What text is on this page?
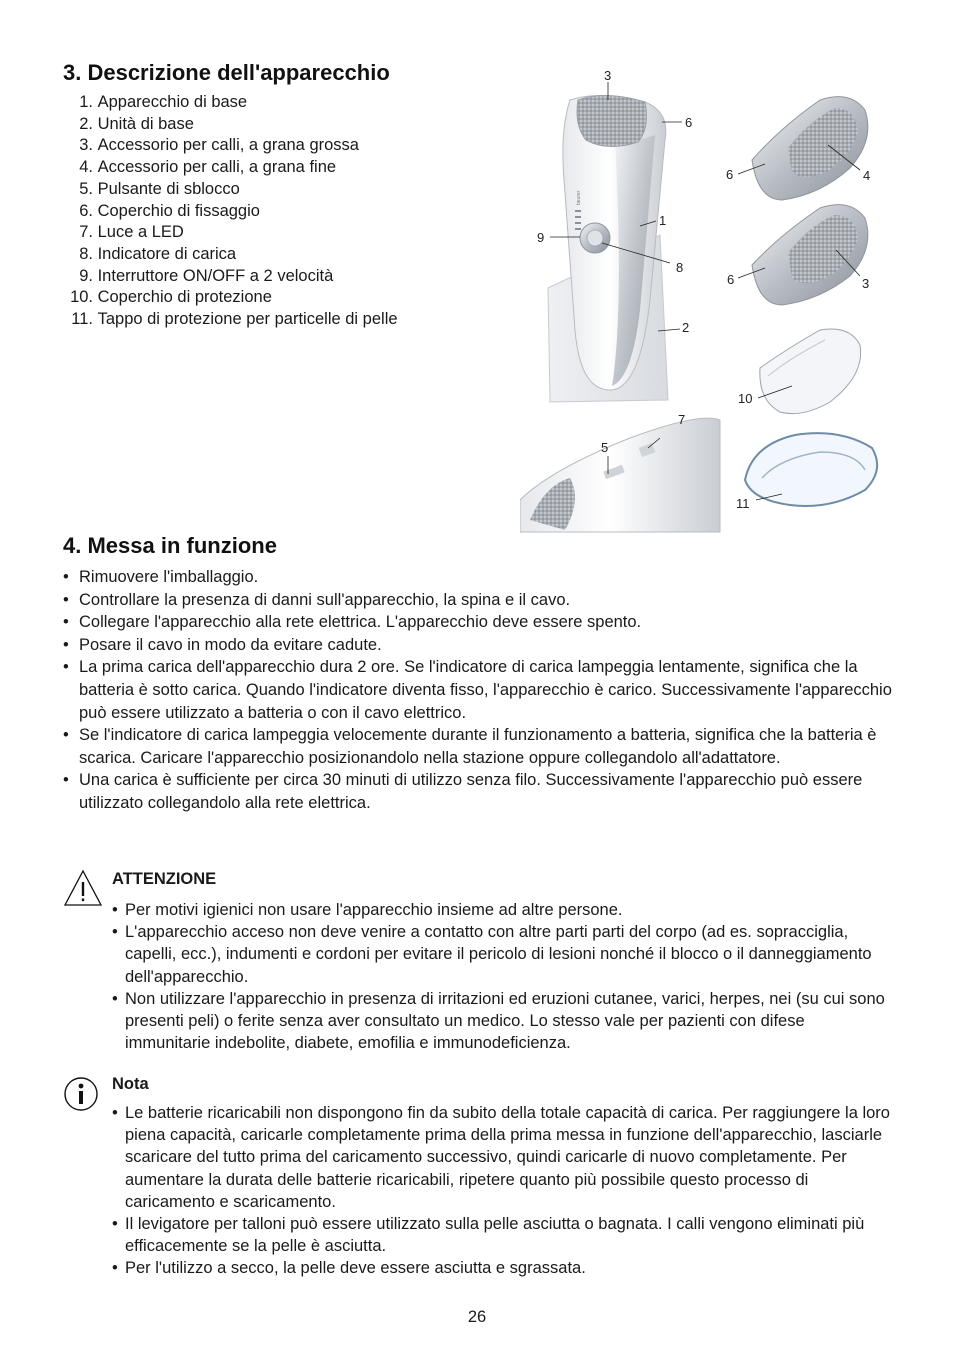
3. Descrizione dell'apparecchio
1.
Apparecchio di base
2.
Unità di base
3.
Accessorio per calli, a grana grossa
4.
Accessorio per calli, a grana fine
5.
Pulsante di sblocco
6.
Coperchio di fissaggio
7.
Luce a LED
8.
Indicatore di carica
9.
Interruttore ON/OFF a 2 velocità
10.
Coperchio di protezione
11.
Tappo di protezione per particelle di pelle
beurer
3
6
1
9
8
2
6	4
6	3
10
7
5
11
4. Messa in funzione
• Rimuovere l'imballaggio.
• Controllare la presenza di danni sull'apparecchio, la spina e il cavo.
• Collegare l'apparecchio alla rete elettrica. L'apparecchio deve essere spento.
• Posare il cavo in modo da evitare cadute.
• La prima carica dell'apparecchio dura 2 ore. Se l'indicatore di carica lampeggia lentamente, significa che la batteria è sotto carica. Quando l'indicatore diventa fisso, l'apparecchio è carico. Successivamente l'apparecchio può essere utilizzato a batteria o con il cavo elettrico.
• Se l'indicatore di carica lampeggia velocemente durante il funzionamento a batteria, significa che la batteria è scarica. Caricare l'apparecchio posizionandolo nella stazione oppure collegandolo all'adattatore.
• Una carica è sufficiente per circa 30 minuti di utilizzo senza filo. Successivamente l'apparecchio può essere utilizzato collegandolo alla rete elettrica.
ATTENZIONE
• Per motivi igienici non usare l'apparecchio insieme ad altre persone.
• L'apparecchio acceso non deve venire a contatto con altre parti parti del corpo (ad es. sopracciglia, capelli, ecc.), indumenti e cordoni per evitare il pericolo di lesioni nonché il blocco o il danneggiamento dell'apparecchio.
• Non utilizzare l'apparecchio in presenza di irritazioni ed eruzioni cutanee, varici, herpes, nei (su cui sono presenti peli) o ferite senza aver consultato un medico. Lo stesso vale per pazienti con difese immunitarie indebolite, diabete, emofilia e immunodeficienza.
Nota
• Le batterie ricaricabili non dispongono fin da subito della totale capacità di carica. Per raggiungere la loro piena capacità, caricarle completamente prima della prima messa in funzione dell'apparecchio, lasciarle scaricare del tutto prima del caricamento successivo, quindi caricarle di nuovo completamente. Per aumentare la durata delle batterie ricaricabili, ripetere quanto più possibile questo processo di caricamento e scaricamento.
• Il levigatore per talloni può essere utilizzato sulla pelle asciutta o bagnata. I calli vengono eliminati più efficacemente se la pelle è asciutta.
• Per l'utilizzo a secco, la pelle deve essere asciutta e sgrassata.
26
